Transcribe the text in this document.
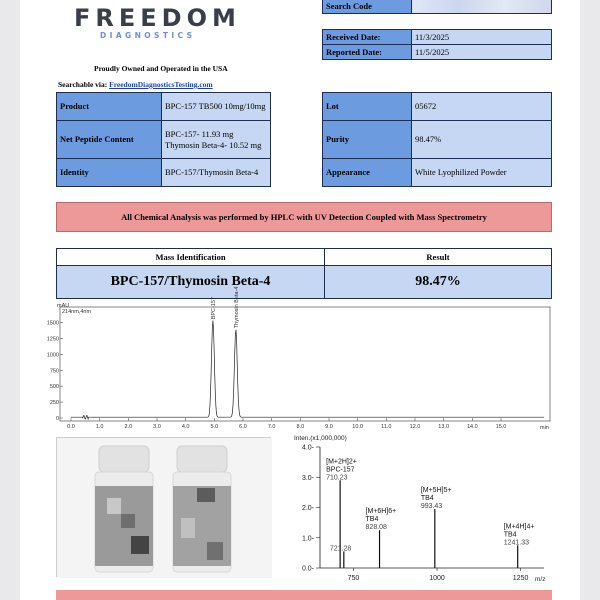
FREEDOM
DIAGNOSTICS
Proudly Owned and Operated in the USA
Searchable via: FreedomDiagnosticsTesting.com
Search Code	
Received Date:	11/3/2025
Reported Date:	11/5/2025
Product	BPC-157 TB500 10mg/10mg
Net Peptide Content	BPC-157- 11.93 mg Thymosin Beta-4- 10.52 mg
Identity	BPC-157/Thymosin Beta-4
Lot	05672
Purity	98.47%
Appearance	White Lyophilized Powder
All Chemical Analysis was performed by HPLC with UV Detection Coupled with Mass Spectrometry
Mass Identification	Result
BPC-157/Thymosin Beta-4	98.47%
mAU
214nm,4nm
min
0
250
500
750
1000
1250
1500
0.0	1.0	2.0	3.0	4.0	5.0	6.0	7.0	8.0	9.0	10.0	11.0	12.0	13.0	14.0	15.0
BPC-157	Thymosin Beta-4
Inten.(x1,000,000)
m/z
0.0-
1.0-
2.0-
3.0-
4.0-
750	1000	1250
710.23
[M+2H]2+
BPC-157
721.28
828.08
[M+6H]6+
TB4
993.43
[M+5H]5+
TB4
1241.33
[M+4H]4+
TB4
